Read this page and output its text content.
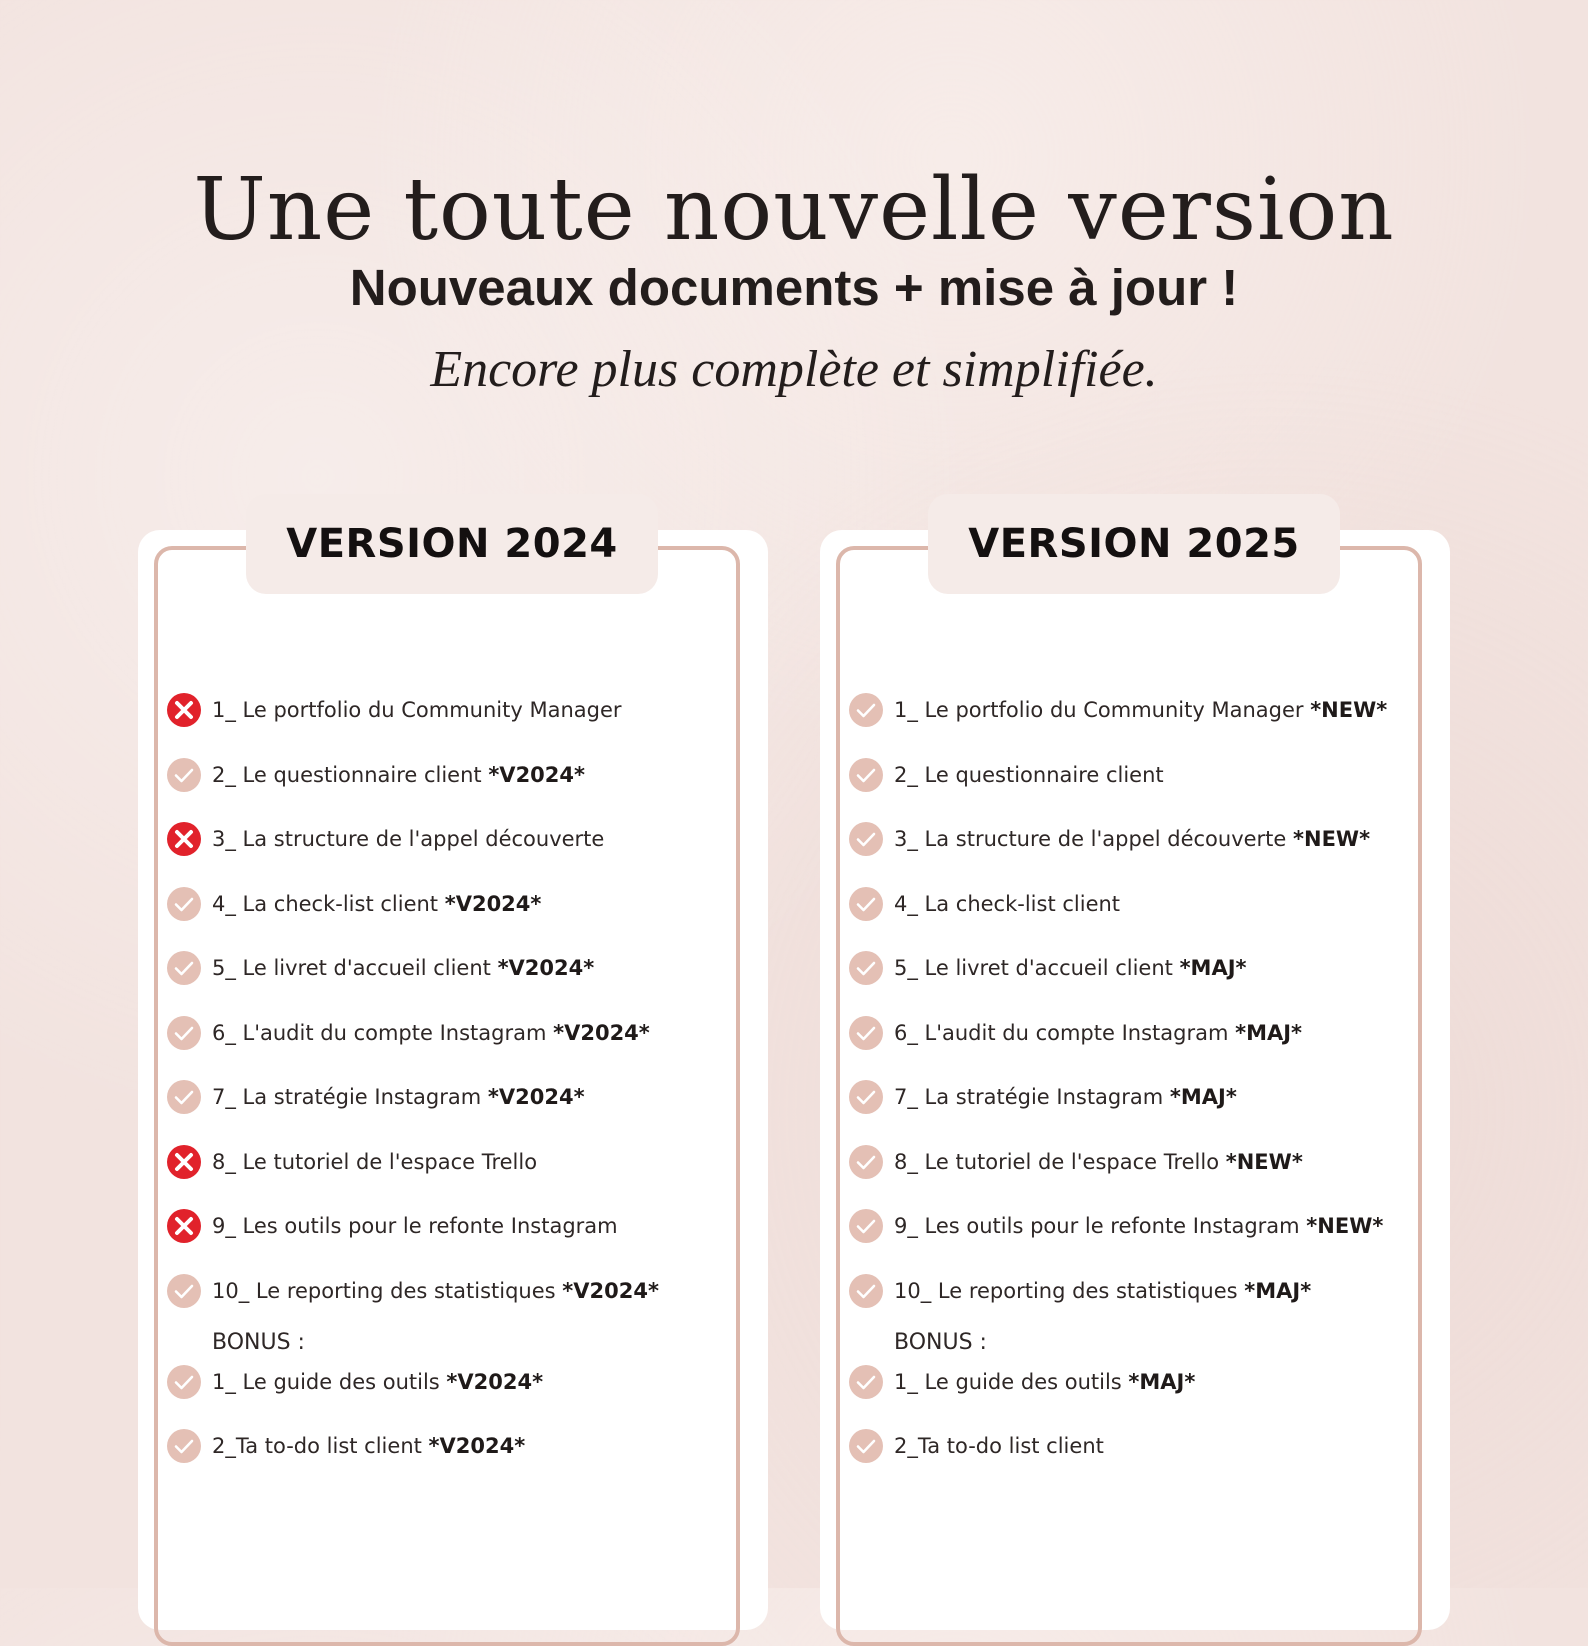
Une toute nouvelle version
Nouveaux documents + mise à jour !

Encore plus complète et simplifiée.

VERSION 2024
1_ Le portfolio du Community Manager
2_ Le questionnaire client *V2024*
3_ La structure de l'appel découverte
4_ La check-list client *V2024*
5_ Le livret d'accueil client *V2024*
6_ L'audit du compte Instagram *V2024*
7_ La stratégie Instagram *V2024*
8_ Le tutoriel de l'espace Trello
9_ Les outils pour le refonte Instagram
10_ Le reporting des statistiques *V2024*
BONUS :
1_ Le guide des outils *V2024*
2_Ta to-do list client *V2024*
VERSION 2025
1_ Le portfolio du Community Manager *NEW*
2_ Le questionnaire client
3_ La structure de l'appel découverte *NEW*
4_ La check-list client
5_ Le livret d'accueil client *MAJ*
6_ L'audit du compte Instagram *MAJ*
7_ La stratégie Instagram *MAJ*
8_ Le tutoriel de l'espace Trello *NEW*
9_ Les outils pour le refonte Instagram *NEW*
10_ Le reporting des statistiques *MAJ*
BONUS :
1_ Le guide des outils *MAJ*
2_Ta to-do list client
